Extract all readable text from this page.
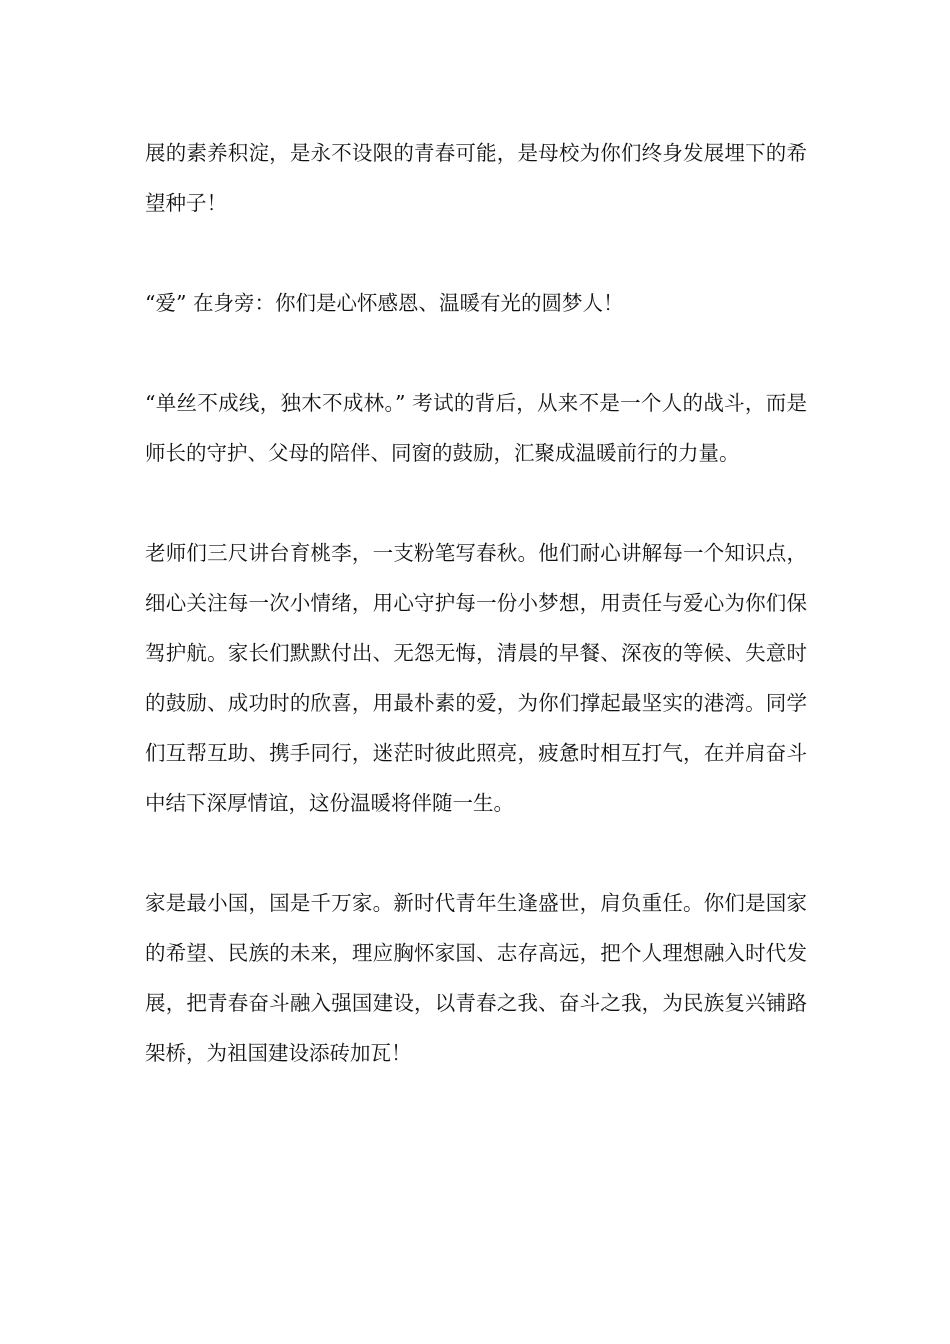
展的素养积淀，是永不设限的青春可能，是母校为你们终身发展埋下的希望种子！

“爱” 在身旁：你们是心怀感恩、温暖有光的圆梦人！

“单丝不成线，独木不成林。” 考试的背后，从来不是一个人的战斗，而是师长的守护、父母的陪伴、同窗的鼓励，汇聚成温暖前行的力量。

老师们三尺讲台育桃李，一支粉笔写春秋。他们耐心讲解每一个知识点，细心关注每一次小情绪，用心守护每一份小梦想，用责任与爱心为你们保驾护航。家长们默默付出、无怨无悔，清晨的早餐、深夜的等候、失意时的鼓励、成功时的欣喜，用最朴素的爱，为你们撑起最坚实的港湾。同学们互帮互助、携手同行，迷茫时彼此照亮，疲惫时相互打气，在并肩奋斗中结下深厚情谊，这份温暖将伴随一生。

家是最小国，国是千万家。新时代青年生逢盛世，肩负重任。你们是国家的希望、民族的未来，理应胸怀家国、志存高远，把个人理想融入时代发展，把青春奋斗融入强国建设，以青春之我、奋斗之我，为民族复兴铺路架桥，为祖国建设添砖加瓦！
